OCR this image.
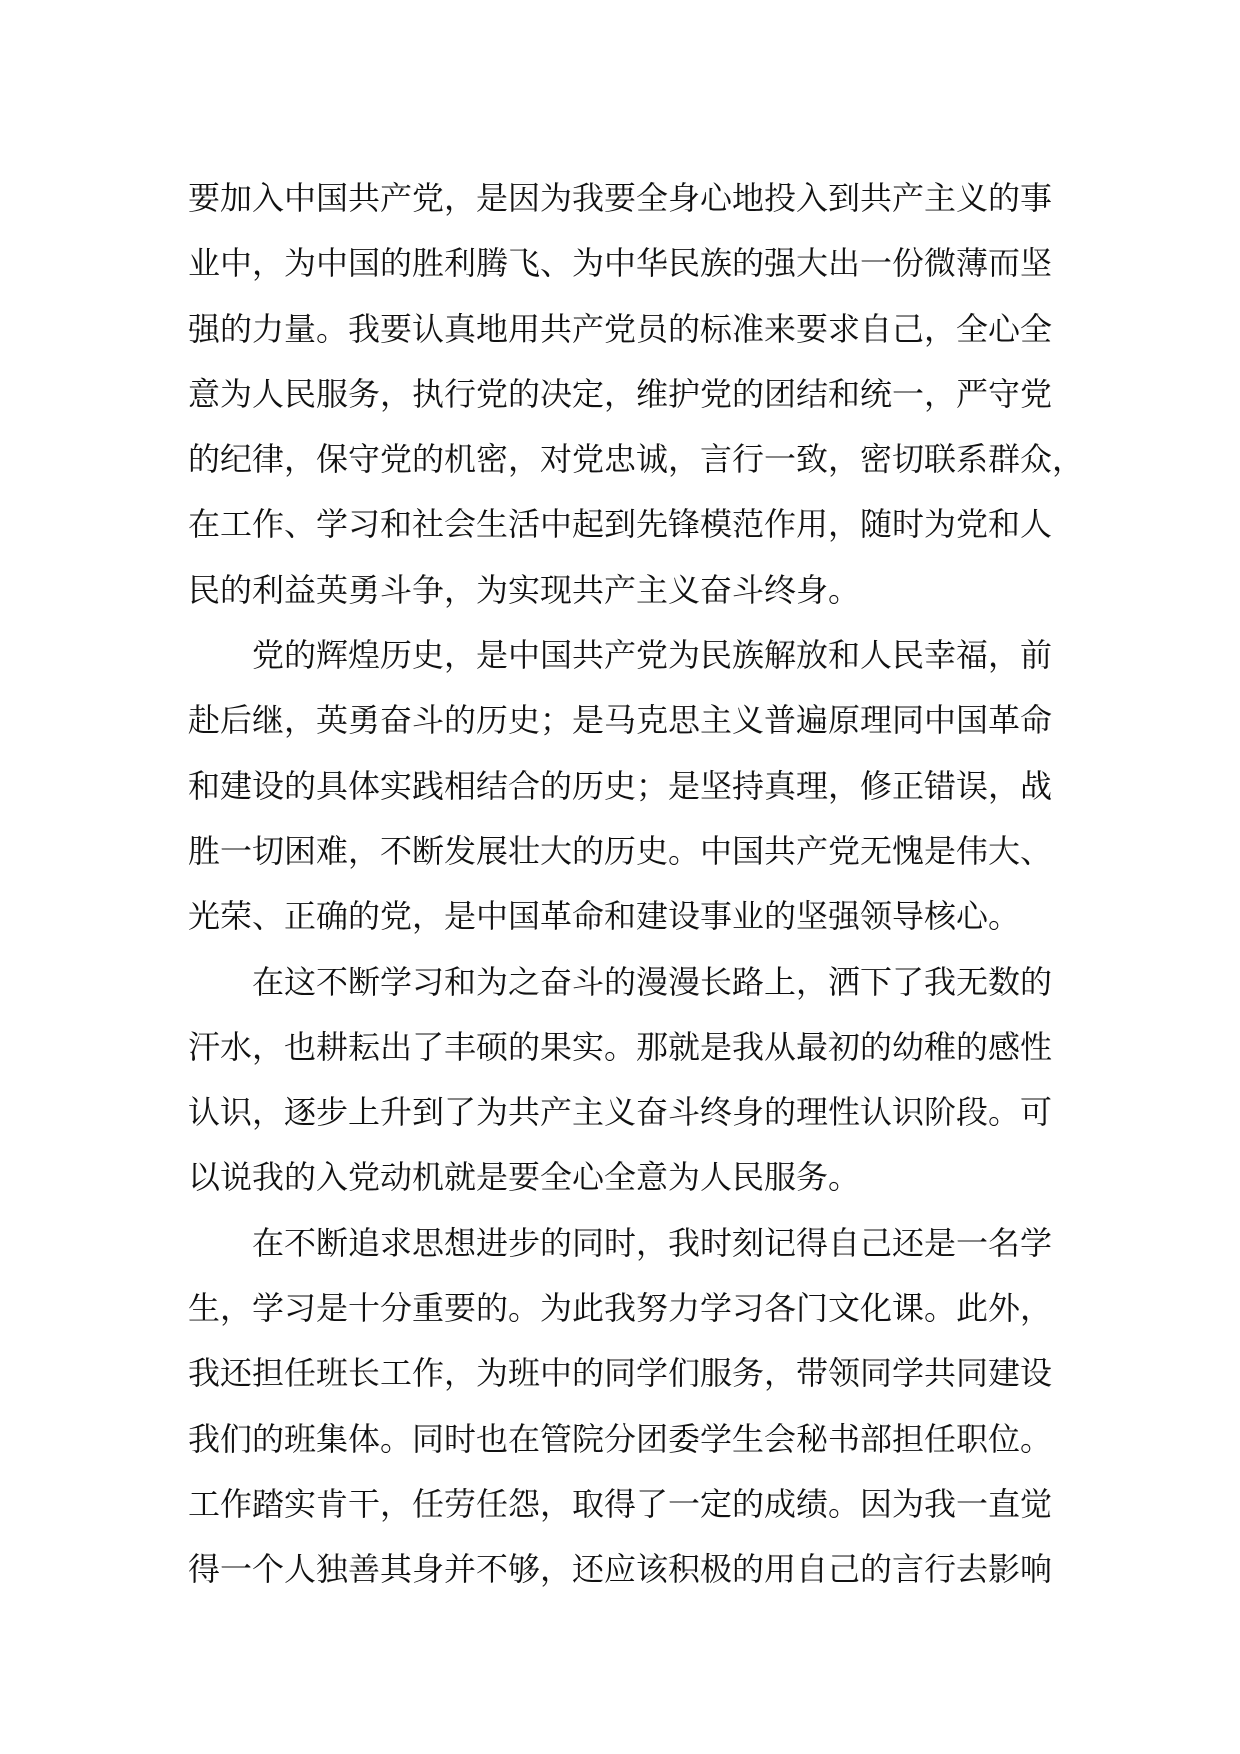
要加入中国共产党，是因为我要全身心地投入到共产主义的事
业中，为中国的胜利腾飞、为中华民族的强大出一份微薄而坚
强的力量。我要认真地用共产党员的标准来要求自己，全心全
意为人民服务，执行党的决定，维护党的团结和统一，严守党
的纪律，保守党的机密，对党忠诚，言行一致，密切联系群众，
在工作、学习和社会生活中起到先锋模范作用，随时为党和人
民的利益英勇斗争，为实现共产主义奋斗终身。
　　党的辉煌历史，是中国共产党为民族解放和人民幸福，前
赴后继，英勇奋斗的历史；是马克思主义普遍原理同中国革命
和建设的具体实践相结合的历史；是坚持真理，修正错误，战
胜一切困难，不断发展壮大的历史。中国共产党无愧是伟大、
光荣、正确的党，是中国革命和建设事业的坚强领导核心。
　　在这不断学习和为之奋斗的漫漫长路上，洒下了我无数的
汗水，也耕耘出了丰硕的果实。那就是我从最初的幼稚的感性
认识，逐步上升到了为共产主义奋斗终身的理性认识阶段。可
以说我的入党动机就是要全心全意为人民服务。
　　在不断追求思想进步的同时，我时刻记得自己还是一名学
生，学习是十分重要的。为此我努力学习各门文化课。此外，
我还担任班长工作，为班中的同学们服务，带领同学共同建设
我们的班集体。同时也在管院分团委学生会秘书部担任职位。
工作踏实肯干，任劳任怨，取得了一定的成绩。因为我一直觉
得一个人独善其身并不够，还应该积极的用自己的言行去影响
